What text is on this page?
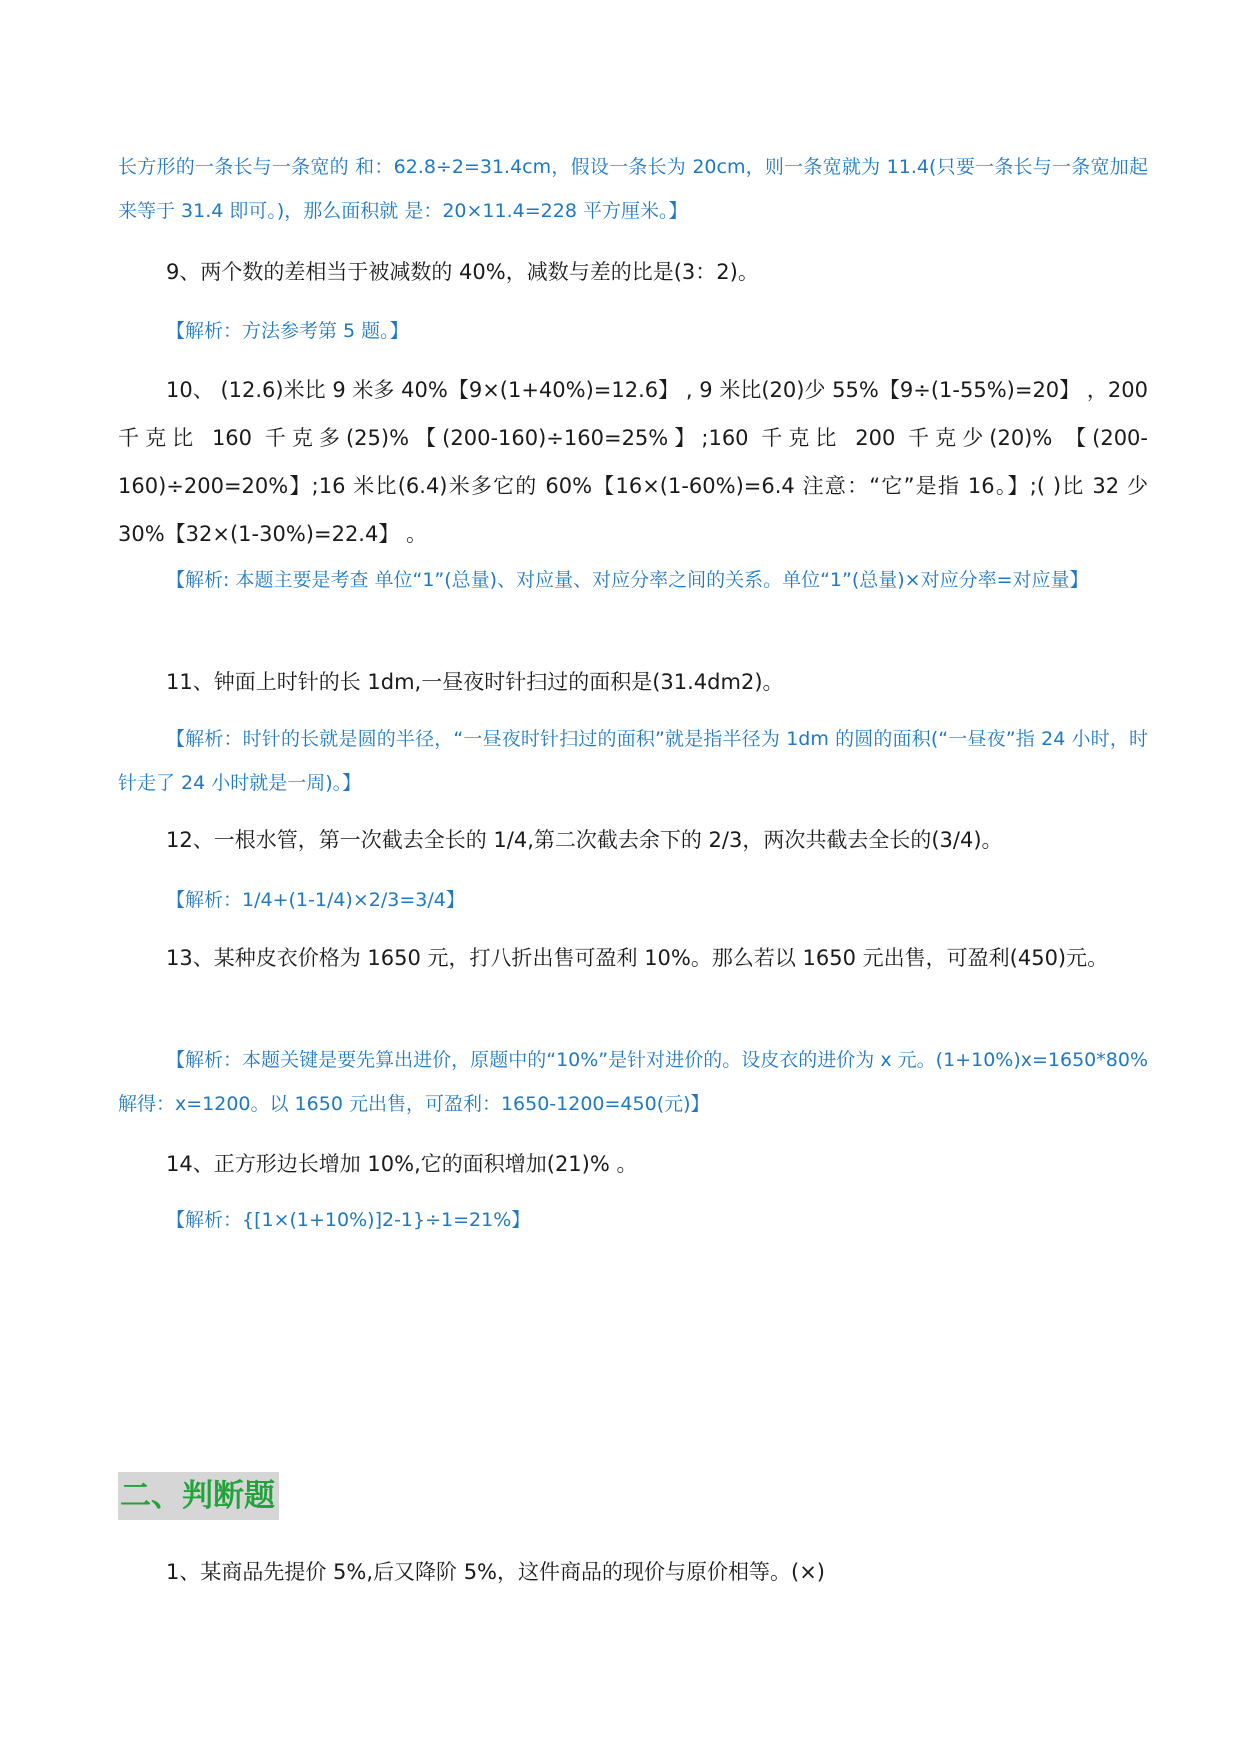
长方形的一条长与一条宽的 和：62.8÷2=31.4cm，假设一条长为 20cm，则一条宽就为 11.4(只要一条长与一条宽加起来等于 31.4 即可。)，那么面积就 是：20×11.4=228 平方厘米。】

9、两个数的差相当于被减数的 40%，减数与差的比是(3：2)。

【解析：方法参考第 5 题。】

10、 (12.6)米比 9 米多 40%【9×(1+40%)=12.6】 , 9 米比(20)少 55%【9÷(1-55%)=20】 ，200 千克比 160 千克多(25)%【(200-160)÷160=25%】;160 千克比 200 千克少(20)% 【(200-160)÷200=20%】;16 米比(6.4)米多它的 60%【16×(1-60%)=6.4 注意：“它”是指 16。】;( )比 32 少 30%【32×(1-30%)=22.4】 。

【解析: 本题主要是考查 单位“1”(总量)、对应量、对应分率之间的关系。单位“1”(总量)×对应分率=对应量】

11、钟面上时针的长 1dm,一昼夜时针扫过的面积是(31.4dm2)。

【解析：时针的长就是圆的半径，“一昼夜时针扫过的面积”就是指半径为 1dm 的圆的面积(“一昼夜”指 24 小时，时针走了 24 小时就是一周)。】

12、一根水管，第一次截去全长的 1/4,第二次截去余下的 2/3，两次共截去全长的(3/4)。

【解析：1/4+(1-1/4)×2/3=3/4】

13、某种皮衣价格为 1650 元，打八折出售可盈利 10%。那么若以 1650 元出售，可盈利(450)元。

【解析：本题关键是要先算出进价，原题中的“10%”是针对进价的。设皮衣的进价为 x 元。(1+10%)x=1650*80% 解得：x=1200。以 1650 元出售，可盈利：1650-1200=450(元)】

14、正方形边长增加 10%,它的面积增加(21)% 。

【解析：{[1×(1+10%)]2-1}÷1=21%】

二、判断题

1、某商品先提价 5%,后又降阶 5%，这件商品的现价与原价相等。(×)
